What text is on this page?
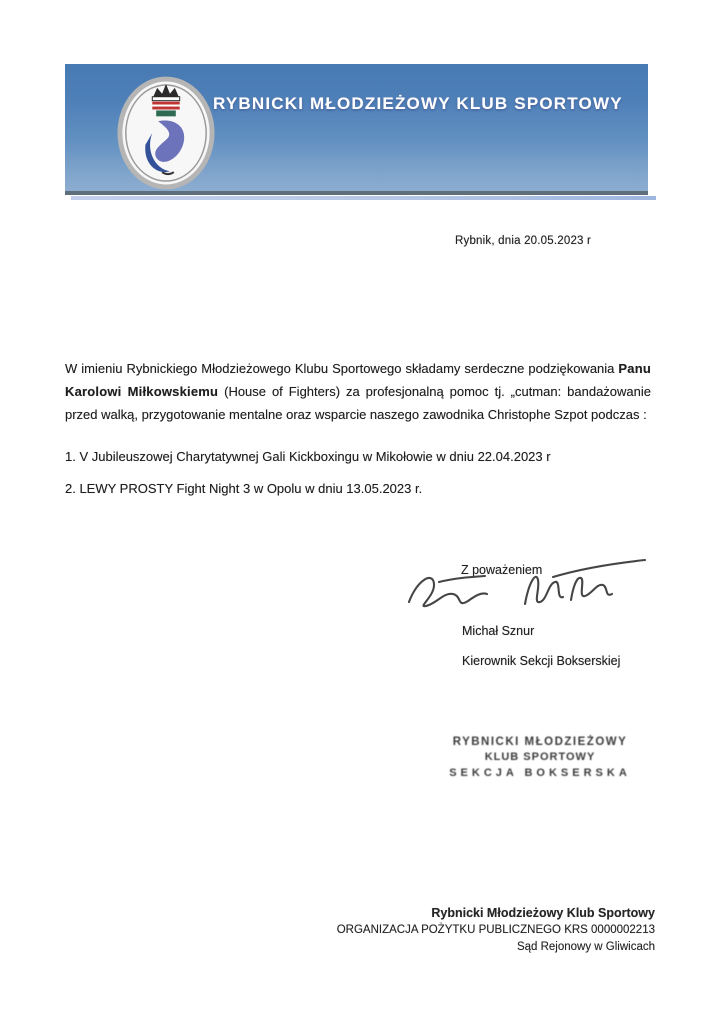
RYBNICKI MŁODZIEŻOWY KLUB SPORTOWY
Rybnik, dnia 20.05.2023 r

W imieniu Rybnickiego Młodzieżowego Klubu Sportowego składamy serdeczne podziękowania Panu Karolowi Miłkowskiemu (House of Fighters) za profesjonalną pomoc tj. „cutman: bandażowanie przed walką, przygotowanie mentalne oraz wsparcie naszego zawodnika Christophe Szpot podczas :

1. V Jubileuszowej Charytatywnej Gali Kickboxingu w Mikołowie w dniu 22.04.2023 r
2. LEWY PROSTY Fight Night 3 w Opolu w dniu 13.05.2023 r.
Z poważeniem
Michał Sznur
Kierownik Sekcji Bokserskiej
RYBNICKI MŁODZIEŻOWY
KLUB SPORTOWY
SEKCJA BOKSERSKA
Rybnicki Młodzieżowy Klub Sportowy
ORGANIZACJA POŻYTKU PUBLICZNEGO KRS 0000002213
Sąd Rejonowy w Gliwicach
